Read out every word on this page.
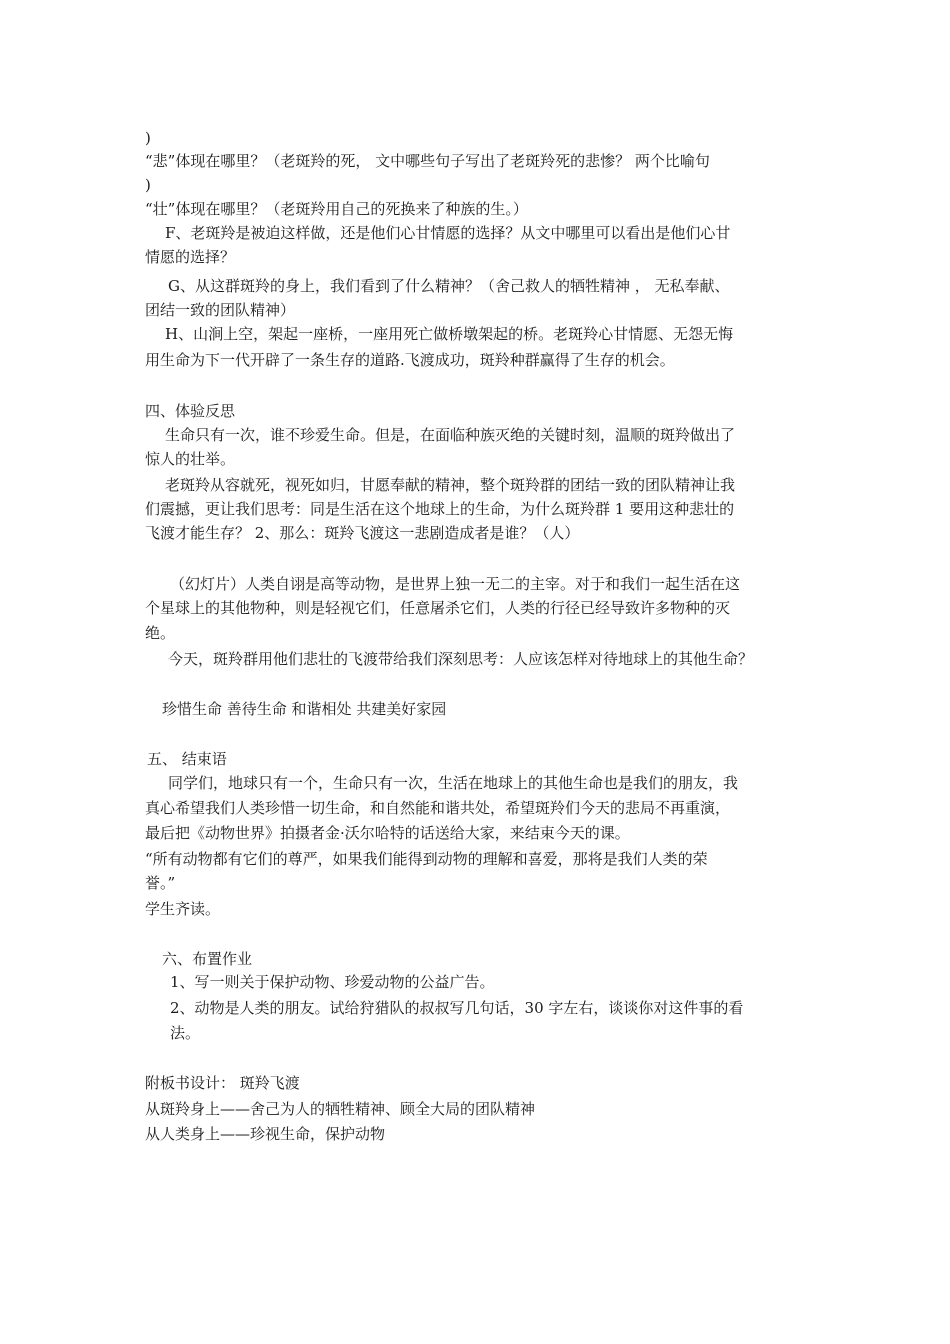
)
“悲”体现在哪里？（老斑羚的死， 文中哪些句子写出了老斑羚死的悲惨？ 两个比喻句
)
“壮”体现在哪里？（老斑羚用自己的死换来了种族的生。）
F、老斑羚是被迫这样做，还是他们心甘情愿的选择？从文中哪里可以看出是他们心甘
情愿的选择？
G、从这群斑羚的身上，我们看到了什么精神？（舍己救人的牺牲精神 ， 无私奉献、
团结一致的团队精神）
H、山涧上空，架起一座桥，一座用死亡做桥墩架起的桥。老斑羚心甘情愿、无怨无悔
用生命为下一代开辟了一条生存的道路.飞渡成功，斑羚种群赢得了生存的机会。
四、体验反思
生命只有一次，谁不珍爱生命。但是，在面临种族灭绝的关键时刻，温顺的斑羚做出了
惊人的壮举。
老斑羚从容就死，视死如归，甘愿奉献的精神，整个斑羚群的团结一致的团队精神让我
们震撼，更让我们思考：同是生活在这个地球上的生命，为什么斑羚群 1 要用这种悲壮的
飞渡才能生存？ 2、那么：斑羚飞渡这一悲剧造成者是谁？（人）
（幻灯片）人类自诩是高等动物，是世界上独一无二的主宰。对于和我们一起生活在这
个星球上的其他物种，则是轻视它们，任意屠杀它们，人类的行径已经导致许多物种的灭
绝。
今天，斑羚群用他们悲壮的飞渡带给我们深刻思考：人应该怎样对待地球上的其他生命？
珍惜生命 善待生命 和谐相处 共建美好家园
五、 结束语
同学们，地球只有一个，生命只有一次，生活在地球上的其他生命也是我们的朋友，我
真心希望我们人类珍惜一切生命，和自然能和谐共处，希望斑羚们今天的悲局不再重演，
最后把《动物世界》拍摄者金·沃尔哈特的话送给大家，来结束今天的课。
“所有动物都有它们的尊严，如果我们能得到动物的理解和喜爱，那将是我们人类的荣
誉。”
学生齐读。
六、布置作业
1、写一则关于保护动物、珍爱动物的公益广告。
2、动物是人类的朋友。试给狩猎队的叔叔写几句话，30 字左右，谈谈你对这件事的看
法。
附板书设计： 斑羚飞渡
从斑羚身上——舍己为人的牺牲精神、顾全大局的团队精神
从人类身上——珍视生命，保护动物
